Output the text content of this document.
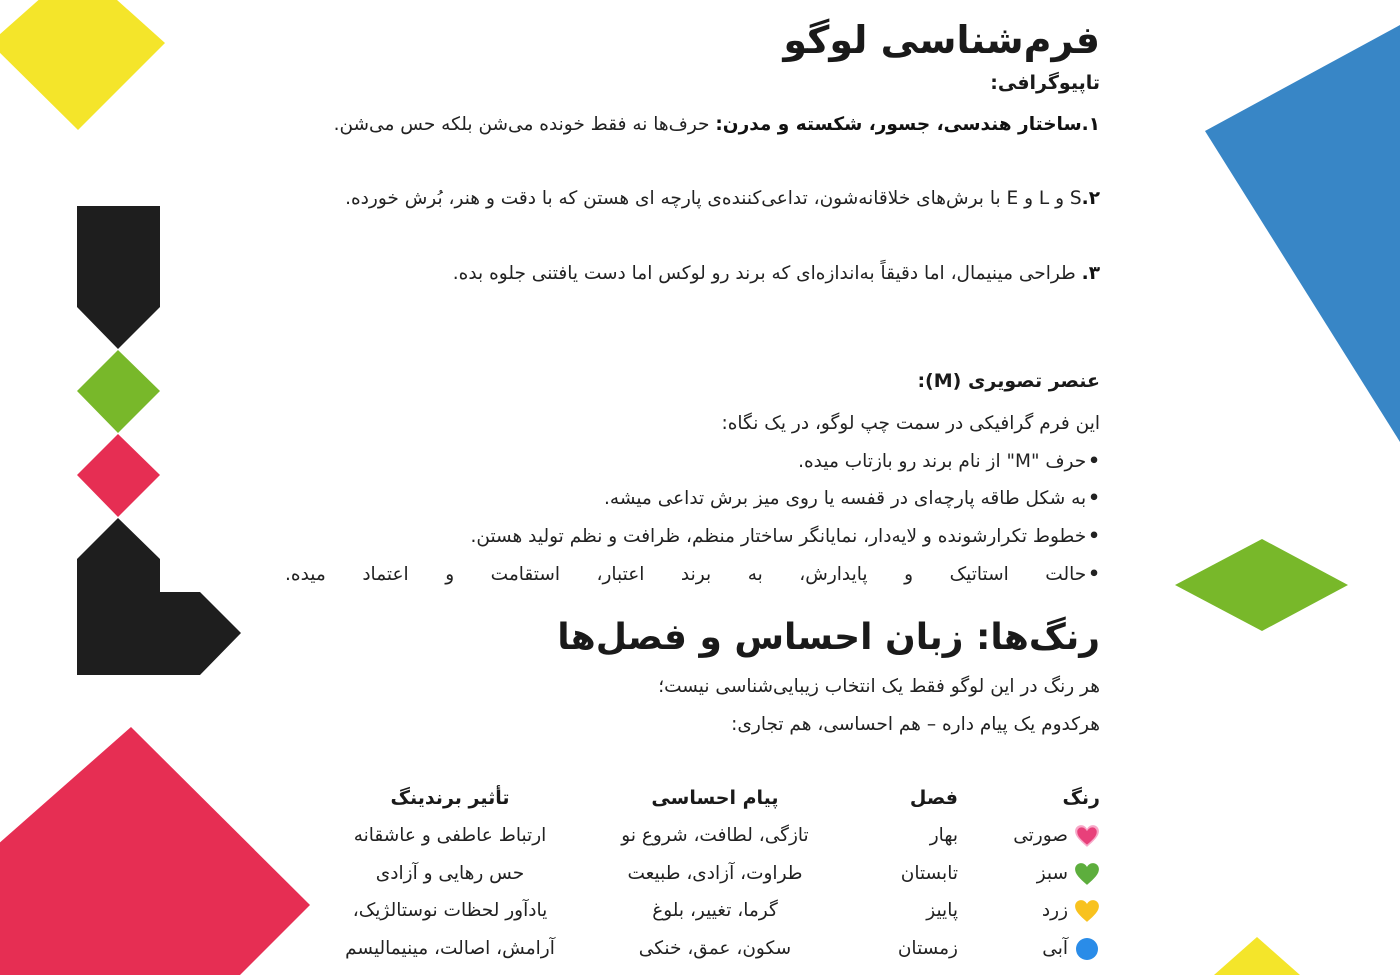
فرم‌شناسی لوگو
تاپیوگرافی:

۱.ساختار هندسی، جسور، شکسته و مدرن: حرف‌ها نه فقط خونده می‌شن بلکه حس می‌شن.

۲.S و L و E با برش‌های خلاقانه‌شون، تداعی‌کننده‌ی پارچه ای هستن که با دقت و هنر، بُرش خورده.

۳. طراحی مینیمال، اما دقیقاً به‌اندازه‌ای که برند رو لوکس اما دست یافتنی جلوه بده.

عنصر تصویری (M):
این فرم گرافیکی در سمت چپ لوگو، در یک نگاه:
•حرف "M" از نام برند رو بازتاب میده.
•به شکل طاقه پارچه‌ای در قفسه یا روی میز برش تداعی میشه.
•خطوط تکرارشونده و لایه‌دار، نمایانگر ساختار منظم، ظرافت و نظم تولید هستن.
•حالت استاتیک و پایدارش، به برند اعتبار، استقامت و اعتماد میده.
رنگ‌ها: زبان احساس و فصل‌ها
هر رنگ در این لوگو فقط یک انتخاب زیبایی‌شناسی نیست؛
هرکدوم یک پیام داره – هم احساسی، هم تجاری:
رنگ
صورتی
سبز
زرد
آبی
فصل
بهار
تابستان
پاییز
زمستان
پیام احساسی
تازگی، لطافت، شروع نو
طراوت، آزادی، طبیعت
گرما، تغییر، بلوغ
سکون، عمق، خنکی
تأثیر برندینگ
ارتباط عاطفی و عاشقانه
حس رهایی و آزادی
یادآور لحظات نوستالژیک،
آرامش، اصالت، مینیمالیسم
